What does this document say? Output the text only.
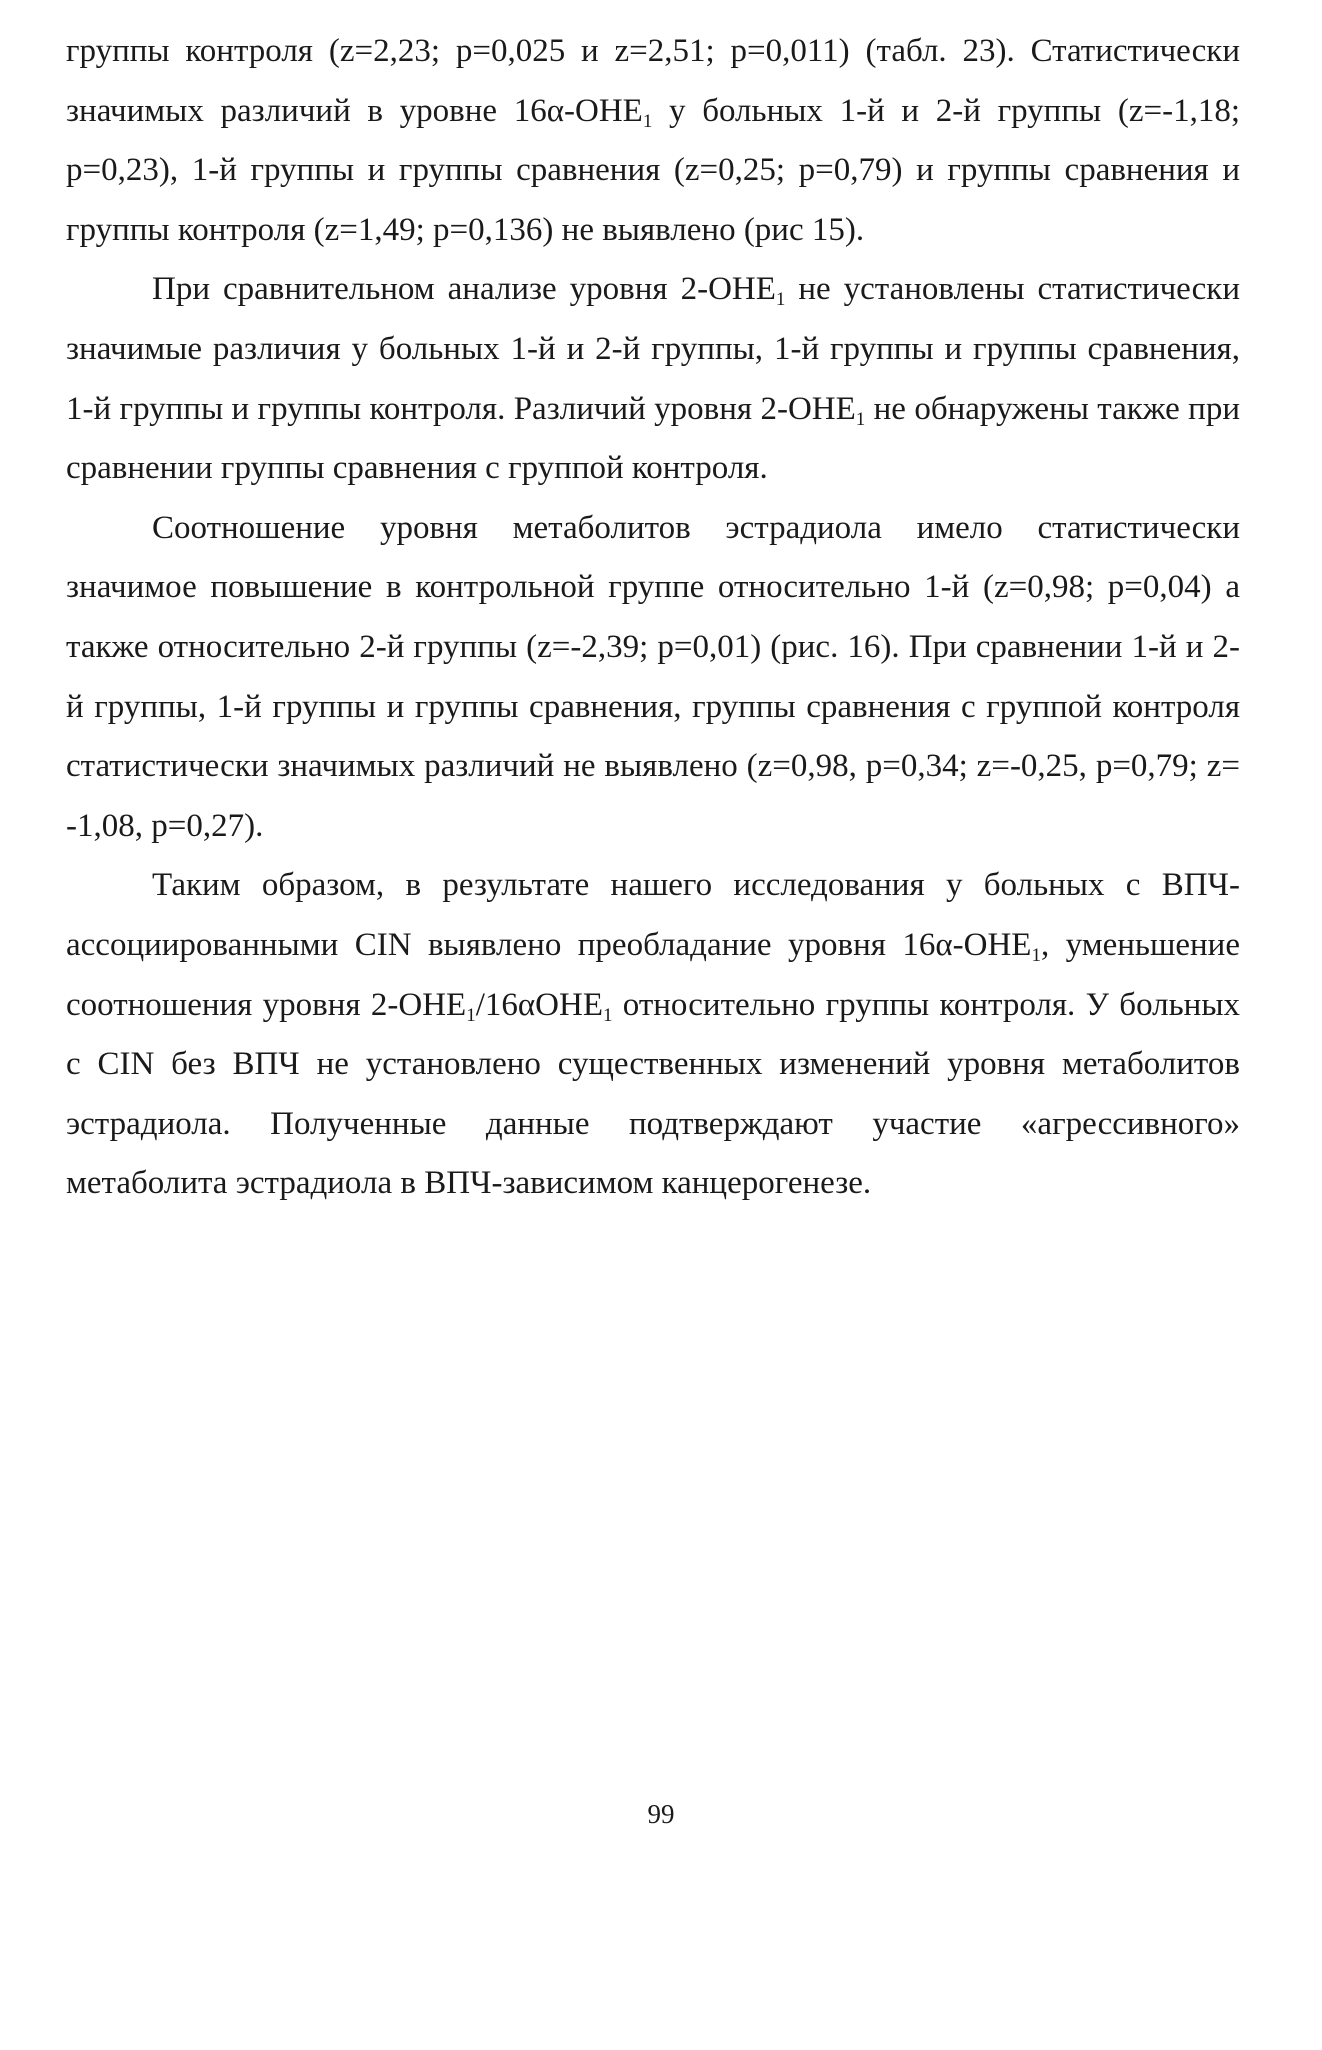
группы контроля (z=2,23; p=0,025 и z=2,51; p=0,011) (табл. 23). Статистически значимых различий в уровне $16\alpha-OHE_1$ у больных 1-й и 2-й группы (z=-1,18; p=0,23), 1-й группы и группы сравнения (z=0,25; p=0,79) и группы сравнения и группы контроля (z=1,49; p=0,136) не выявлено (рис 15).

При сравнительном анализе уровня $2-OHE_1$ не установлены статистически значимые различия у больных 1-й и 2-й группы, 1-й группы и группы сравнения, 1-й группы и группы контроля. Различий уровня $2-OHE_1$ не обнаружены также при сравнении группы сравнения с группой контроля.

Соотношение уровня метаболитов эстрадиола имело статистически значимое повышение в контрольной группе относительно 1-й (z=0,98; p=0,04) а также относительно 2-й группы (z=-2,39; p=0,01) (рис. 16). При сравнении 1-й и 2-й группы, 1-й группы и группы сравнения, группы сравнения с группой контроля статистически значимых различий не выявлено (z=0,98, p=0,34; z=-0,25, p=0,79; z= -1,08, p=0,27).

Таким образом, в результате нашего исследования у больных с ВПЧ-ассоциированными CIN выявлено преобладание уровня $16\alpha-OHE_1$, уменьшение соотношения уровня $2-OHE_1/16\alpha OHE_1$ относительно группы контроля. У больных с CIN без ВПЧ не установлено существенных изменений уровня метаболитов эстрадиола. Полученные данные подтверждают участие «агрессивного» метаболита эстрадиола в ВПЧ-зависимом канцерогенезе.

99
